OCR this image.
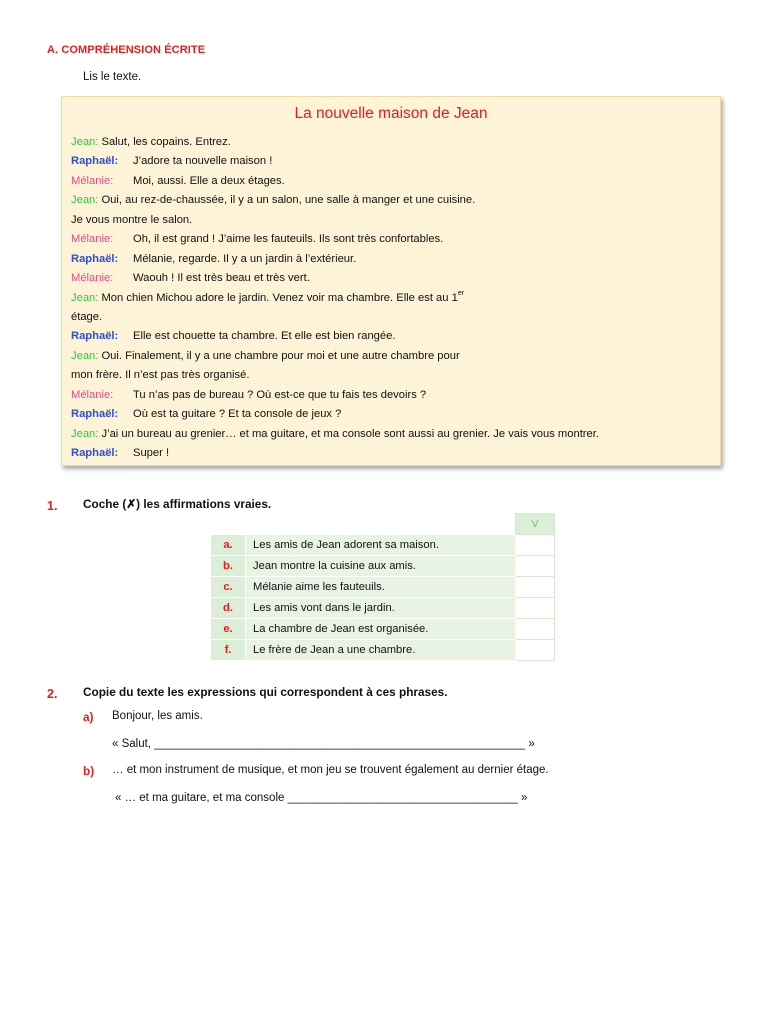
A. COMPRÉHENSION ÉCRITE
Lis le texte.
La nouvelle maison de Jean
Jean: Salut, les copains. Entrez.
Raphaël: J’adore ta nouvelle maison !
Mélanie: Moi, aussi. Elle a deux étages.
Jean: Oui, au rez-de-chaussée, il y a un salon, une salle à manger et une cuisine.
Je vous montre le salon.
Mélanie: Oh, il est grand ! J’aime les fauteuils. Ils sont très confortables.
Raphaël: Mélanie, regarde. Il y a un jardin à l’extérieur.
Mélanie: Waouh ! Il est très beau et très vert.
Jean: Mon chien Michou adore le jardin. Venez voir ma chambre. Elle est au 1er
étage.
Raphaël: Elle est chouette ta chambre. Et elle est bien rangée.
Jean: Oui. Finalement, il y a une chambre pour moi et une autre chambre pour
mon frère. Il n’est pas très organisé.
Mélanie: Tu n’as pas de bureau ? Où est-ce que tu fais tes devoirs ?
Raphaël: Où est ta guitare ? Et ta console de jeux ?
Jean: J’ai un bureau au grenier… et ma guitare, et ma console sont aussi au grenier. Je vais vous montrer.
Raphaël: Super !
1. Coche (✗) les affirmations vraies.
		V
a.	Les amis de Jean adorent sa maison.	
b.	Jean montre la cuisine aux amis.	
c.	Mélanie aime les fauteuils.	
d.	Les amis vont dans le jardin.	
e.	La chambre de Jean est organisée.	
f.	Le frère de Jean a une chambre.	
2. Copie du texte les expressions qui correspondent à ces phrases.
a) Bonjour, les amis.
« Salut, __________________________________________________________ »
b) … et mon instrument de musique, et mon jeu se trouvent également au dernier étage.
« … et ma guitare, et ma console ____________________________________ »
